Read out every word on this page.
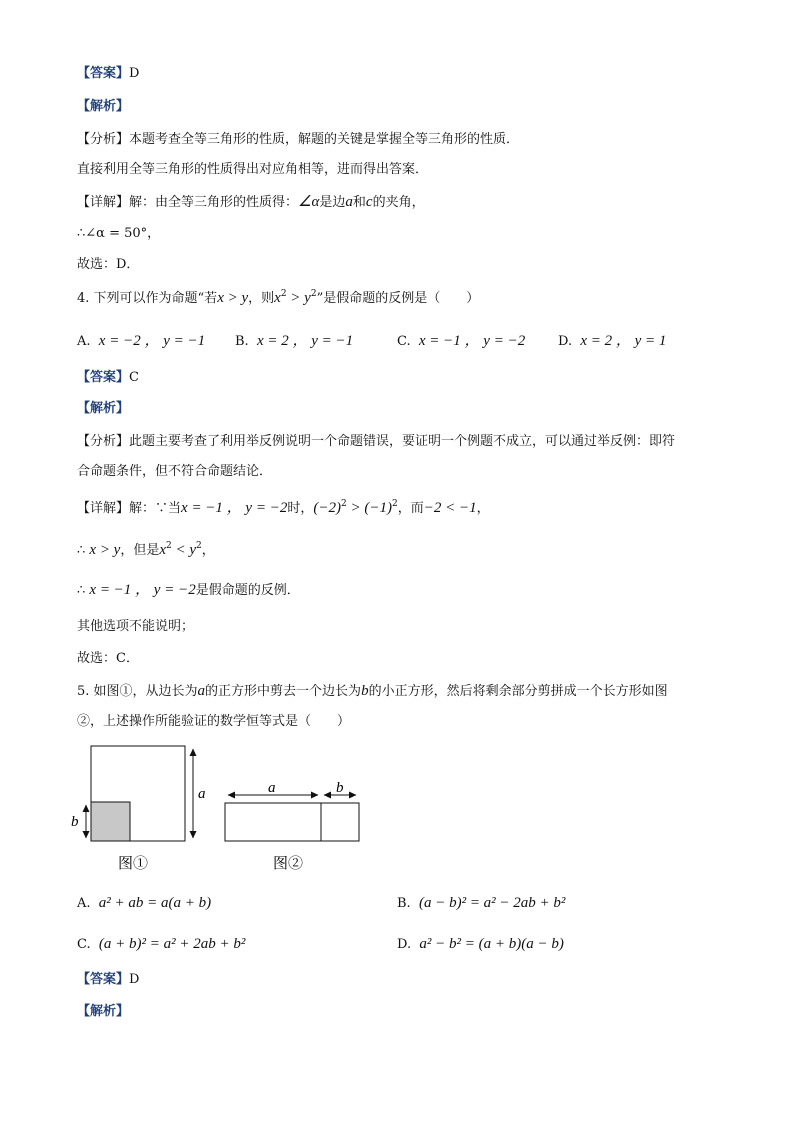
【答案】D
【解析】
【分析】本题考查全等三角形的性质，解题的关键是掌握全等三角形的性质．
直接利用全等三角形的性质得出对应角相等，进而得出答案．
【详解】解：由全等三角形的性质得：∠α是边a和c的夹角，
∴∠α = 50°，
故选：D．
4. 下列可以作为命题“若x > y，则$x^2 > y^2$”是假命题的反例是（　　）
A. x = −2 ， y = −1 B. x = 2 ， y = −1	C. x = −1 ， y = −2	D. x = 2 ， y = 1
【答案】C
【解析】
【分析】此题主要考查了利用举反例说明一个命题错误，要证明一个例题不成立，可以通过举反例：即符
合命题条件，但不符合命题结论．
【详解】解：∵当x = −1 ， y = −2时，$(-2)^2 > (-1)^2$，而−2 < −1，
∴ x > y，但是$x^2 < y^2$，
∴ x = −1 ， y = −2是假命题的反例．
其他选项不能说明；
故选：C．
5. 如图①，从边长为a的正方形中剪去一个边长为b的小正方形，然后将剩余部分剪拼成一个长方形如图
②，上述操作所能验证的数学恒等式是（　　）
a
b
图①
a	b
图②
A. a² + ab = a(a + b)	B. (a − b)² = a² − 2ab + b²
C. (a + b)² = a² + 2ab + b²	D. a² − b² = (a + b)(a − b)
【答案】D
【解析】
